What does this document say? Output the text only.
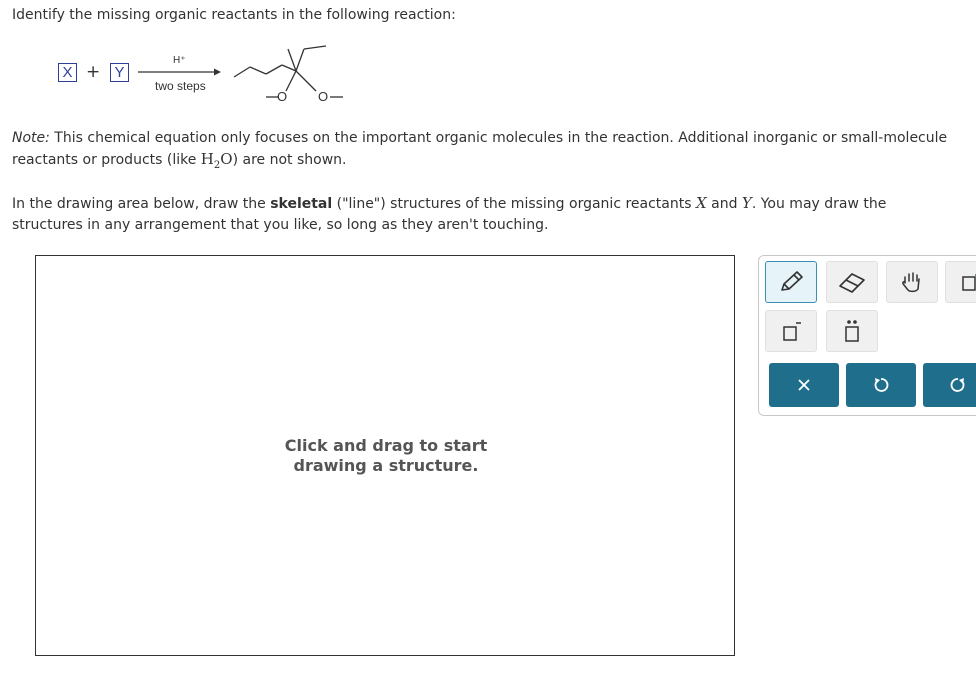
Identify the missing organic reactants in the following reaction:
X + Y
H⁺
two steps
O O
Note: This chemical equation only focuses on the important organic molecules in the reaction. Additional inorganic or small-molecule reactants or products (like $H_2O$) are not shown.
In the drawing area below, draw the skeletal ("line") structures of the missing organic reactants X and Y. You may draw the structures in any arrangement that you like, so long as they aren't touching.
Click and drag to start drawing a structure.
